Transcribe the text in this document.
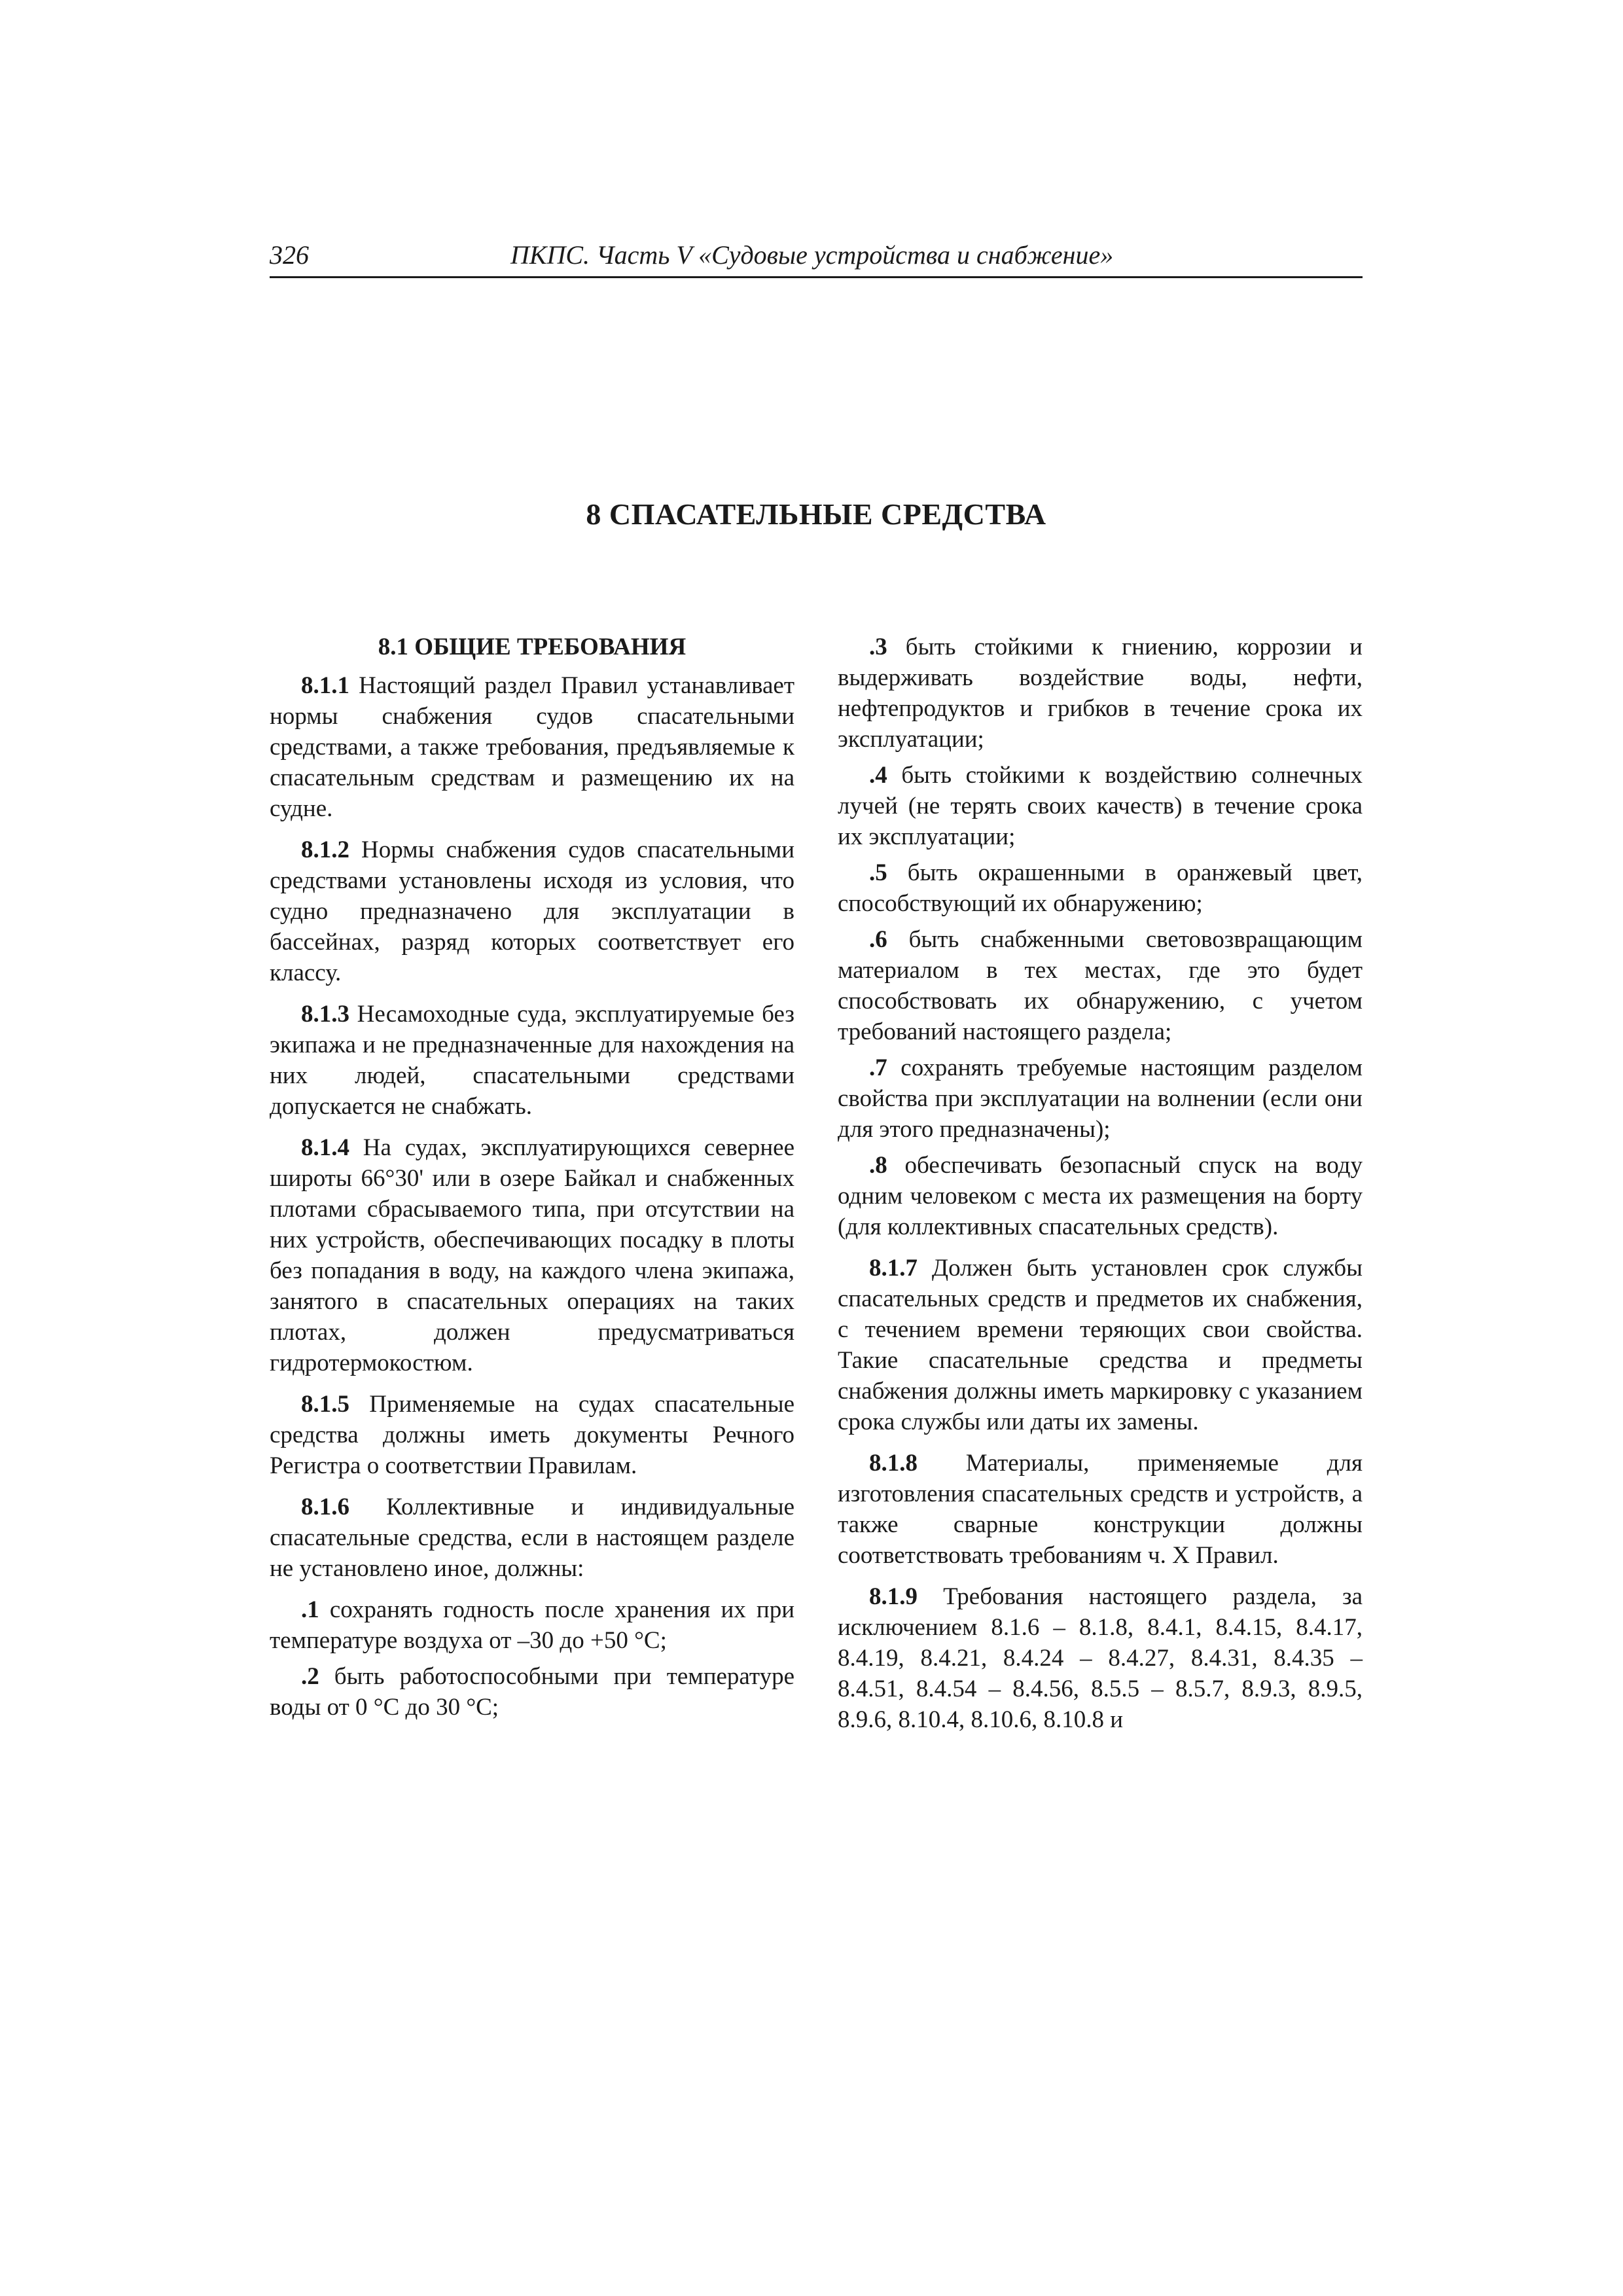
326	ПКПС. Часть V «Судовые устройства и снабжение»
8 СПАСАТЕЛЬНЫЕ СРЕДСТВА
8.1 ОБЩИЕ ТРЕБОВАНИЯ

8.1.1 Настоящий раздел Правил устанавливает нормы снабжения судов спасательными средствами, а также требования, предъявляемые к спасательным средствам и размещению их на судне.

8.1.2 Нормы снабжения судов спасательными средствами установлены исходя из условия, что судно предназначено для эксплуатации в бассейнах, разряд которых соответствует его классу.

8.1.3 Несамоходные суда, эксплуатируемые без экипажа и не предназначенные для нахождения на них людей, спасательными средствами допускается не снабжать.

8.1.4 На судах, эксплуатирующихся севернее широты 66°30' или в озере Байкал и снабженных плотами сбрасываемого типа, при отсутствии на них устройств, обеспечивающих посадку в плоты без попадания в воду, на каждого члена экипажа, занятого в спасательных операциях на таких плотах, должен предусматриваться гидротермокостюм.

8.1.5 Применяемые на судах спасательные средства должны иметь документы Речного Регистра о соответствии Правилам.

8.1.6 Коллективные и индивидуальные спасательные средства, если в настоящем разделе не установлено иное, должны:

.1 сохранять годность после хранения их при температуре воздуха от –30 до +50 °С;

.2 быть работоспособными при температуре воды от 0 °С до 30 °С;

.3 быть стойкими к гниению, коррозии и выдерживать воздействие воды, нефти, нефтепродуктов и грибков в течение срока их эксплуатации;

.4 быть стойкими к воздействию солнечных лучей (не терять своих качеств) в течение срока их эксплуатации;

.5 быть окрашенными в оранжевый цвет, способствующий их обнаружению;

.6 быть снабженными световозвращающим материалом в тех местах, где это будет способствовать их обнаружению, с учетом требований настоящего раздела;

.7 сохранять требуемые настоящим разделом свойства при эксплуатации на волнении (если они для этого предназначены);

.8 обеспечивать безопасный спуск на воду одним человеком с места их размещения на борту (для коллективных спасательных средств).

8.1.7 Должен быть установлен срок службы спасательных средств и предметов их снабжения, с течением времени теряющих свои свойства. Такие спасательные средства и предметы снабжения должны иметь маркировку с указанием срока службы или даты их замены.

8.1.8 Материалы, применяемые для изготовления спасательных средств и устройств, а также сварные конструкции должны соответствовать требованиям ч. X Правил.

8.1.9 Требования настоящего раздела, за исключением 8.1.6 – 8.1.8, 8.4.1, 8.4.15, 8.4.17, 8.4.19, 8.4.21, 8.4.24 – 8.4.27, 8.4.31, 8.4.35 – 8.4.51, 8.4.54 – 8.4.56, 8.5.5 – 8.5.7, 8.9.3, 8.9.5, 8.9.6, 8.10.4, 8.10.6, 8.10.8 и
